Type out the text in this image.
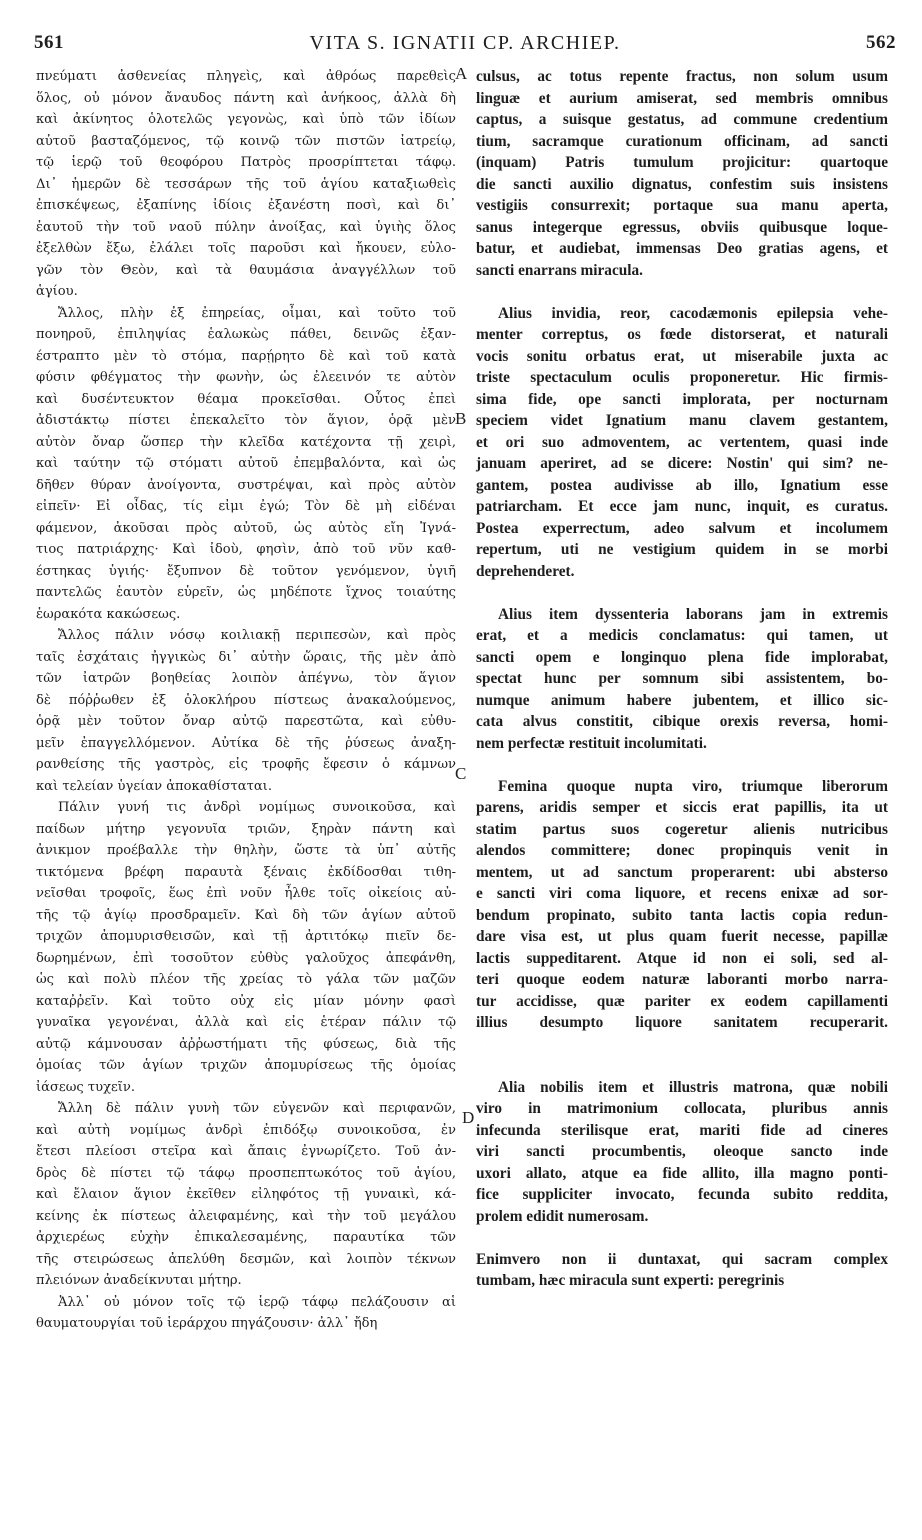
561	VITA S. IGNATII CP. ARCHIEP.	562
πνεύματι ἀσθενείας πληγεὶς, καὶ ἀθρόως παρεθεὶς
ὅλος, οὐ μόνον ἄναυδος πάντη καὶ ἀνήκοος, ἀλλὰ δὴ
καὶ ἀκίνητος ὁλοτελῶς γεγονὼς, καὶ ὑπὸ τῶν ἰδίων
αὐτοῦ βασταζόμενος, τῷ κοινῷ τῶν πιστῶν ἰατρείῳ,
τῷ ἱερῷ τοῦ θεοφόρου Πατρὸς προσρίπτεται τάφῳ.
Δι᾽ ἡμερῶν δὲ τεσσάρων τῆς τοῦ ἁγίου καταξιωθεὶς
ἐπισκέψεως, ἐξαπίνης ἰδίοις ἐξανέστη ποσὶ, καὶ δι᾽
ἑαυτοῦ τὴν τοῦ ναοῦ πύλην ἀνοίξας, καὶ ὑγιὴς ὅλος
ἐξελθὼν ἔξω, ἐλάλει τοῖς παροῦσι καὶ ἤκουεν, εὐλο-
γῶν τὸν Θεὸν, καὶ τὰ θαυμάσια ἀναγγέλλων τοῦ
ἁγίου.
Ἄλλος, πλὴν ἐξ ἐπηρείας, οἶμαι, καὶ τοῦτο τοῦ
πονηροῦ, ἐπιληψίας ἑαλωκὼς πάθει, δεινῶς ἐξαν-
έστραπτο μὲν τὸ στόμα, παρῄρητο δὲ καὶ τοῦ κατὰ
φύσιν φθέγματος τὴν φωνὴν, ὡς ἐλεεινόν τε αὐτὸν
καὶ δυσέντευκτον θέαμα προκεῖσθαι. Οὗτος ἐπεὶ
ἀδιστάκτῳ πίστει ἐπεκαλεῖτο τὸν ἅγιον, ὁρᾷ μὲν
αὐτὸν ὄναρ ὥσπερ τὴν κλεῖδα κατέχοντα τῇ χειρὶ,
καὶ ταύτην τῷ στόματι αὐτοῦ ἐπεμβαλόντα, καὶ ὡς
δῆθεν θύραν ἀνοίγοντα, συστρέψαι, καὶ πρὸς αὐτὸν
εἰπεῖν· Εἰ οἶδας, τίς εἰμι ἐγώ; Τὸν δὲ μὴ εἰδέναι
φάμενον, ἀκοῦσαι πρὸς αὐτοῦ, ὡς αὐτὸς εἴη Ἰγνά-
τιος πατριάρχης· Καὶ ἰδοὺ, φησὶν, ἀπὸ τοῦ νῦν καθ-
έστηκας ὑγιής· ἔξυπνον δὲ τοῦτον γενόμενον, ὑγιῆ
παντελῶς ἑαυτὸν εὑρεῖν, ὡς μηδέποτε ἴχνος τοιαύτης
ἑωρακότα κακώσεως.
Ἄλλος πάλιν νόσῳ κοιλιακῇ περιπεσὼν, καὶ πρὸς
ταῖς ἐσχάταις ἠγγικὼς δι᾽ αὐτὴν ὥραις, τῆς μὲν ἀπὸ
τῶν ἰατρῶν βοηθείας λοιπὸν ἀπέγνω, τὸν ἅγιον
δὲ πόῤῥωθεν ἐξ ὁλοκλήρου πίστεως ἀνακαλούμενος,
ὁρᾷ μὲν τοῦτον ὄναρ αὐτῷ παρεστῶτα, καὶ εὐθυ-
μεῖν ἐπαγγελλόμενον. Αὐτίκα δὲ τῆς ῥύσεως ἀναξη-
ρανθείσης τῆς γαστρὸς, εἰς τροφῆς ἔφεσιν ὁ κάμνων
καὶ τελείαν ὑγείαν ἀποκαθίσταται.
Πάλιν γυνή τις ἀνδρὶ νομίμως συνοικοῦσα, καὶ
παίδων μήτηρ γεγονυῖα τριῶν, ξηρὰν πάντη καὶ
ἀνικμον προέβαλλε τὴν θηλὴν, ὥστε τὰ ὑπ᾽ αὐτῆς
τικτόμενα βρέφη παραυτὰ ξέναις ἐκδίδοσθαι τιθη-
νεῖσθαι τροφοῖς, ἕως ἐπὶ νοῦν ἦλθε τοῖς οἰκείοις αὐ-
τῆς τῷ ἁγίῳ προσδραμεῖν. Καὶ δὴ τῶν ἁγίων αὐτοῦ
τριχῶν ἀπομυρισθεισῶν, καὶ τῇ ἀρτιτόκῳ πιεῖν δε-
δωρημένων, ἐπὶ τοσοῦτον εὐθὺς γαλοῦχος ἀπεφάνθη,
ὡς καὶ πολὺ πλέον τῆς χρείας τὸ γάλα τῶν μαζῶν
καταῤῥεῖν. Καὶ τοῦτο οὐχ εἰς μίαν μόνην φασὶ
γυναῖκα γεγονέναι, ἀλλὰ καὶ εἰς ἑτέραν πάλιν τῷ
αὐτῷ κάμνουσαν ἀῤῥωστήματι τῆς φύσεως, διὰ τῆς
ὁμοίας τῶν ἁγίων τριχῶν ἀπομυρίσεως τῆς ὁμοίας
ἰάσεως τυχεῖν.
Ἄλλη δὲ πάλιν γυνὴ τῶν εὐγενῶν καὶ περιφανῶν,
καὶ αὐτὴ νομίμως ἀνδρὶ ἐπιδόξῳ συνοικοῦσα, ἐν
ἔτεσι πλείοσι στεῖρα καὶ ἄπαις ἐγνωρίζετο. Τοῦ ἀν-
δρὸς δὲ πίστει τῷ τάφῳ προσπεπτωκότος τοῦ ἁγίου,
καὶ ἔλαιον ἅγιον ἐκεῖθεν εἰληφότος τῇ γυναικὶ, κά-
κείνης ἐκ πίστεως ἀλειφαμένης, καὶ τὴν τοῦ μεγάλου
ἀρχιερέως εὐχὴν ἐπικαλεσαμένης, παραυτίκα τῶν
τῆς στειρώσεως ἀπελύθη δεσμῶν, καὶ λοιπὸν τέκνων
πλειόνων ἀναδείκνυται μήτηρ.
Ἀλλ᾽ οὐ μόνον τοῖς τῷ ἱερῷ τάφῳ πελάζουσιν αἱ
θαυματουργίαι τοῦ ἱεράρχου πηγάζουσιν· ἀλλ᾽ ἤδη
culsus, ac totus repente fractus, non solum usum
linguæ et aurium amiserat, sed membris omnibus
captus, a suisque gestatus, ad commune credentium
tium, sacramque curationum officinam, ad sancti
(inquam) Patris tumulum projicitur: quartoque
die sancti auxilio dignatus, confestim suis insistens
vestigiis consurrexit; portaque sua manu aperta,
sanus integerque egressus, obviis quibusque loque-
batur, et audiebat, immensas Deo gratias agens, et
sancti enarrans miracula.
Alius invidia, reor, cacodæmonis epilepsia vehe-
menter correptus, os fœde distorserat, et naturali
vocis sonitu orbatus erat, ut miserabile juxta ac
triste spectaculum oculis proponeretur. Hic firmis-
sima fide, ope sancti implorata, per nocturnam
speciem videt Ignatium manu clavem gestantem,
et ori suo admoventem, ac vertentem, quasi inde
januam aperiret, ad se dicere: Nostin' qui sim? ne-
gantem, postea audivisse ab illo, Ignatium esse
patriarcham. Et ecce jam nunc, inquit, es curatus.
Postea experrectum, adeo salvum et incolumem
repertum, uti ne vestigium quidem in se morbi
deprehenderet.
Alius item dyssenteria laborans jam in extremis
erat, et a medicis conclamatus: qui tamen, ut
sancti opem e longinquo plena fide implorabat,
spectat hunc per somnum sibi assistentem, bo-
numque animum habere jubentem, et illico sic-
cata alvus constitit, cibique orexis reversa, homi-
nem perfectæ restituit incolumitati.
Femina quoque nupta viro, triumque liberorum
parens, aridis semper et siccis erat papillis, ita ut
statim partus suos cogeretur alienis nutricibus
alendos committere; donec propinquis venit in
mentem, ut ad sanctum properarent: ubi absterso
e sancti viri coma liquore, et recens enixæ ad sor-
bendum propinato, subito tanta lactis copia redun-
dare visa est, ut plus quam fuerit necesse, papillæ
lactis suppeditarent. Atque id non ei soli, sed al-
teri quoque eodem naturæ laboranti morbo narra-
tur accidisse, quæ pariter ex eodem capillamenti
illius desumpto liquore sanitatem recuperarit.
Alia nobilis item et illustris matrona, quæ nobili
viro in matrimonium collocata, pluribus annis
infecunda sterilisque erat, mariti fide ad cineres
viri sancti procumbentis, oleoque sancto inde
uxori allato, atque ea fide allito, illa magno ponti-
fice suppliciter invocato, fecunda subito reddita,
prolem edidit numerosam.
Enimvero non ii duntaxat, qui sacram complex
tumbam, hæc miracula sunt experti: peregrinis
A
B
C
D
